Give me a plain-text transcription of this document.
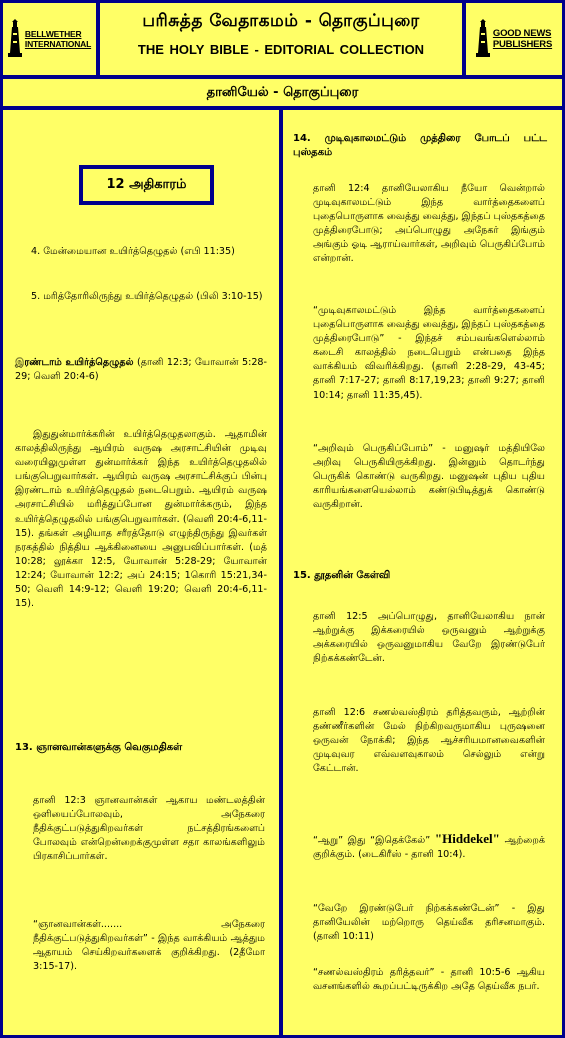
BELLWETHER
INTERNATIONAL
பரிசுத்த வேதாகமம் - தொகுப்புரை
THE HOLY BIBLE - EDITORIAL COLLECTION
GOOD NEWS
PUBLISHERS
தானியேல் - தொகுப்புரை
12 அதிகாரம்
4. மேன்மையான உயிர்த்தெழுதல் (எபி 11:35)
5. மரித்தோரிலிருந்து உயிர்த்தெழுதல் (பிலி 3:10-15)
இரண்டாம் உயிர்த்தெழுதல் (தானி 12:3; யோவான் 5:28-29; வெளி 20:4-6)
இதுதுன்மார்க்கரின் உயிர்த்தெழுதலாகும். ஆதாமின் காலத்திலிருந்து ஆயிரம் வருஷ அரசாட்சியின் முடிவு வரையிலுமுள்ள துன்மார்க்கர் இந்த உயிர்த்தெழுதலில் பங்குபெறுவார்கள். ஆயிரம் வருஷ அரசாட்சிக்குப் பின்பு இரண்டாம் உயிர்த்தெழுதல் நடைபெறும். ஆயிரம் வருஷ அரசாட்சியில் மரித்துப்போன துன்மார்க்கரும், இந்த உயிர்த்தெழுதலில் பங்குபெறுவார்கள். (வெளி 20:4-6,11-15). தங்கள் அழியாத சரீரத்தோடு எழுந்திருந்து இவர்கள் நரகத்தில் நித்திய ஆக்கினையை அனுபவிப்பார்கள். (மத் 10:28; லூக்கா 12:5, யோவான் 5:28-29; யோவான் 12:24; யோவான் 12:2; அப் 24:15; 1கொரி 15:21,34-50; வெளி 14:9-12; வெளி 19:20; வெளி 20:4-6,11-15).
13. ஞானவான்களுக்கு வெகுமதிகள்
தானி 12:3 ஞானவான்கள் ஆகாய மண்டலத்தின் ஒளியைப்போலவும், அநேகரை நீதிக்குட்படுத்துகிறவர்கள் நட்சத்திரங்களைப் போலவும் என்றென்றைக்குமுள்ள சதா காலங்களிலும் பிரகாசிப்பார்கள்.
“ஞானவான்கள்....... அநேகரை நீதிக்குட்படுத்துகிறவர்கள்” - இந்த வாக்கியம் ஆத்தும ஆதாயம் செய்கிறவர்களைக் குறிக்கிறது. (2தீமோ 3:15-17).
14. முடிவுகாலமட்டும் முத்திரை போடப் பட்ட புஸ்தகம்
தானி 12:4 தானியேலாகிய நீயோ வென்றால் முடிவுகாலமட்டும் இந்த வார்த்தைகளைப் புதைபொருளாக வைத்து வைத்து, இந்தப் புஸ்தகத்தை முத்திரைபோடு; அப்பொழுது அநேகர் இங்கும் அங்கும் ஓடி ஆராய்வார்கள், அறிவும் பெருகிப்போம் என்றான்.
“முடிவுகாலமட்டும் இந்த வார்த்தைகளைப் புதைபொருளாக வைத்து வைத்து, இந்தப் புஸ்தகத்தை முத்திரைபோடு” - இந்தச் சம்பவங்களெல்லாம் கடைசி காலத்தில் நடைபெறும் என்பதை இந்த வாக்கியம் விவரிக்கிறது. (தானி 2:28-29, 43-45; தானி 7:17-27; தானி 8:17,19,23; தானி 9:27; தானி 10:14; தானி 11:35,45).
“அறிவும் பெருகிப்போம்” - மனுஷர் மத்தியிலே அறிவு பெருகியிருக்கிறது. இன்னும் தொடர்ந்து பெருகிக் கொண்டு வருகிறது. மனுஷன் புதிய புதிய காரியங்களையெல்லாம் கண்டுபிடித்துக் கொண்டு வருகிறான்.
15. தூதனின் கேள்வி
தானி 12:5 அப்பொழுது, தானியேலாகிய நான் ஆற்றுக்கு இக்கரையில் ஒருவனும் ஆற்றுக்கு அக்கரையில் ஒருவனுமாகிய வேறே இரண்டுபேர் நிற்கக்கண்டேன்.
தானி 12:6 சணல்வஸ்திரம் தரித்தவரும், ஆற்றின் தண்ணீர்களின் மேல் நிற்கிறவருமாகிய புருஷனை ஒருவன் நோக்கி; இந்த ஆச்சரியமானவைகளின் முடிவுவர எவ்வளவுகாலம் செல்லும் என்று கேட்டான்.
“ஆறு” இது “இதெக்கேல்” "Hiddekel" ஆற்றைக் குறிக்கும். (டைகிரீஸ் - தானி 10:4).
“வேறே இரண்டுபேர் நிற்கக்கண்டேன்” - இது தானியேலின் மற்றொரு தெய்வீக தரிசனமாகும். (தானி 10:11)
“சணல்வஸ்திரம் தரித்தவர்” - தானி 10:5-6 ஆகிய வசனங்களில் கூறப்பட்டிருக்கிற அதே தெய்வீக நபர்.
